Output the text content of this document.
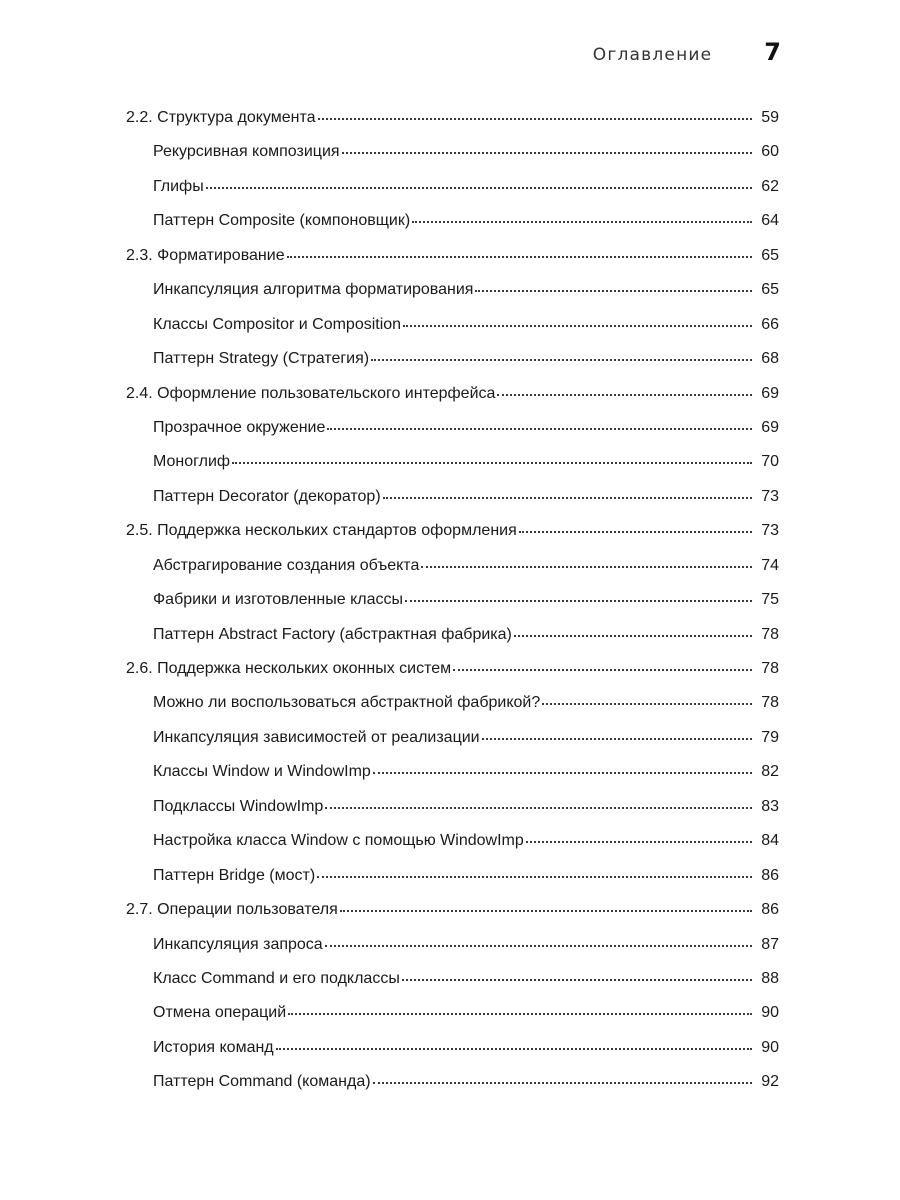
Оглавление 7
2.2. Структура документа	59
Рекурсивная композиция	60
Глифы	62
Паттерн Composite (компоновщик)	64
2.3. Форматирование	65
Инкапсуляция алгоритма форматирования	65
Классы Compositor и Composition	66
Паттерн Strategy (Стратегия)	68
2.4. Оформление пользовательского интерфейса	69
Прозрачное окружение	69
Моноглиф	70
Паттерн Decorator (декоратор)	73
2.5. Поддержка нескольких стандартов оформления	73
Абстрагирование создания объекта	74
Фабрики и изготовленные классы	75
Паттерн Abstract Factory (абстрактная фабрика)	78
2.6. Поддержка нескольких оконных систем	78
Можно ли воспользоваться абстрактной фабрикой?	78
Инкапсуляция зависимостей от реализации	79
Классы Window и WindowImp	82
Подклассы WindowImp	83
Настройка класса Window с помощью WindowImp	84
Паттерн Bridge (мост)	86
2.7. Операции пользователя	86
Инкапсуляция запроса	87
Класс Command и его подклассы	88
Отмена операций	90
История команд	90
Паттерн Command (команда)	92
